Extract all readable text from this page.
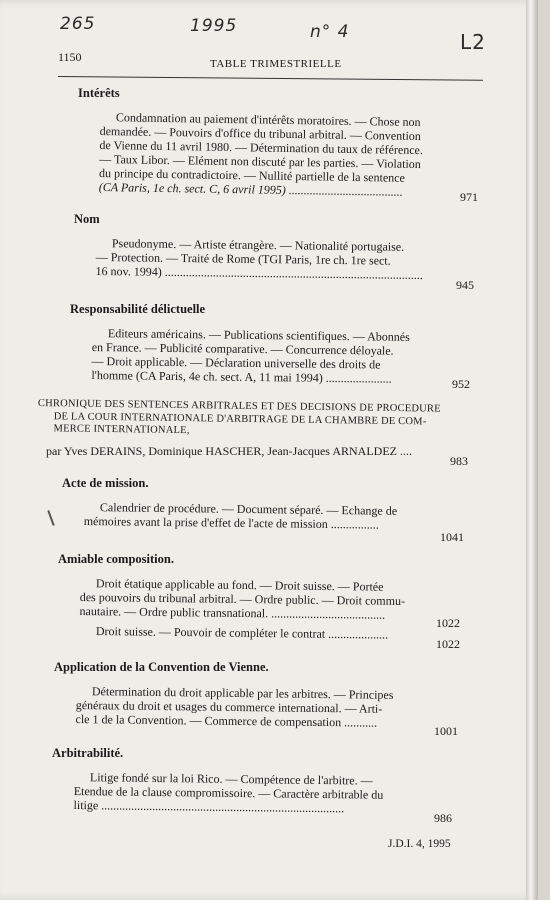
265	1995	n° 4	L2
1150	TABLE TRIMESTRIELLE
Intérêts
Condamnation au paiement d'intérêts moratoires. — Chose non
demandée. — Pouvoirs d'office du tribunal arbitral. — Convention
de Vienne du 11 avril 1980. — Détermination du taux de référence.
— Taux Libor. — Elément non discuté par les parties. — Violation
du principe du contradictoire. — Nullité partielle de la sentence
(CA Paris, 1e ch. sect. C, 6 avril 1995) ......................................	971
Nom
Pseudonyme. — Artiste étrangère. — Nationalité portugaise.
— Protection. — Traité de Rome (TGI Paris, 1re ch. 1re sect.
16 nov. 1994) ......................................................................................
945
Responsabilité délictuelle
Editeurs américains. — Publications scientifiques. — Abonnés
en France. — Publicité comparative. — Concurrence déloyale.
— Droit applicable. — Déclaration universelle des droits de
l'homme (CA Paris, 4e ch. sect. A, 11 mai 1994) ......................	952
CHRONIQUE DES SENTENCES ARBITRALES ET DES DECISIONS DE PROCEDURE
DE LA COUR INTERNATIONALE D'ARBITRAGE DE LA CHAMBRE DE COM-
MERCE INTERNATIONALE,
par Yves DERAINS, Dominique HASCHER, Jean-Jacques ARNALDEZ ....
983
Acte de mission.
Calendrier de procédure. — Document séparé. — Echange de
mémoires avant la prise d'effet de l'acte de mission ................
1041
Amiable composition.
Droit étatique applicable au fond. — Droit suisse. — Portée
des pouvoirs du tribunal arbitral. — Ordre public. — Droit commu-
nautaire. — Ordre public transnational. ......................................
1022
Droit suisse. — Pouvoir de compléter le contrat ....................
1022
Application de la Convention de Vienne.
Détermination du droit applicable par les arbitres. — Principes
généraux du droit et usages du commerce international. — Arti-
cle 1 de la Convention. — Commerce de compensation ...........
1001
Arbitrabilité.
Litige fondé sur la loi Rico. — Compétence de l'arbitre. —
Etendue de la clause compromissoire. — Caractère arbitrable du
litige .................................................................................
986
J.D.I. 4, 1995
